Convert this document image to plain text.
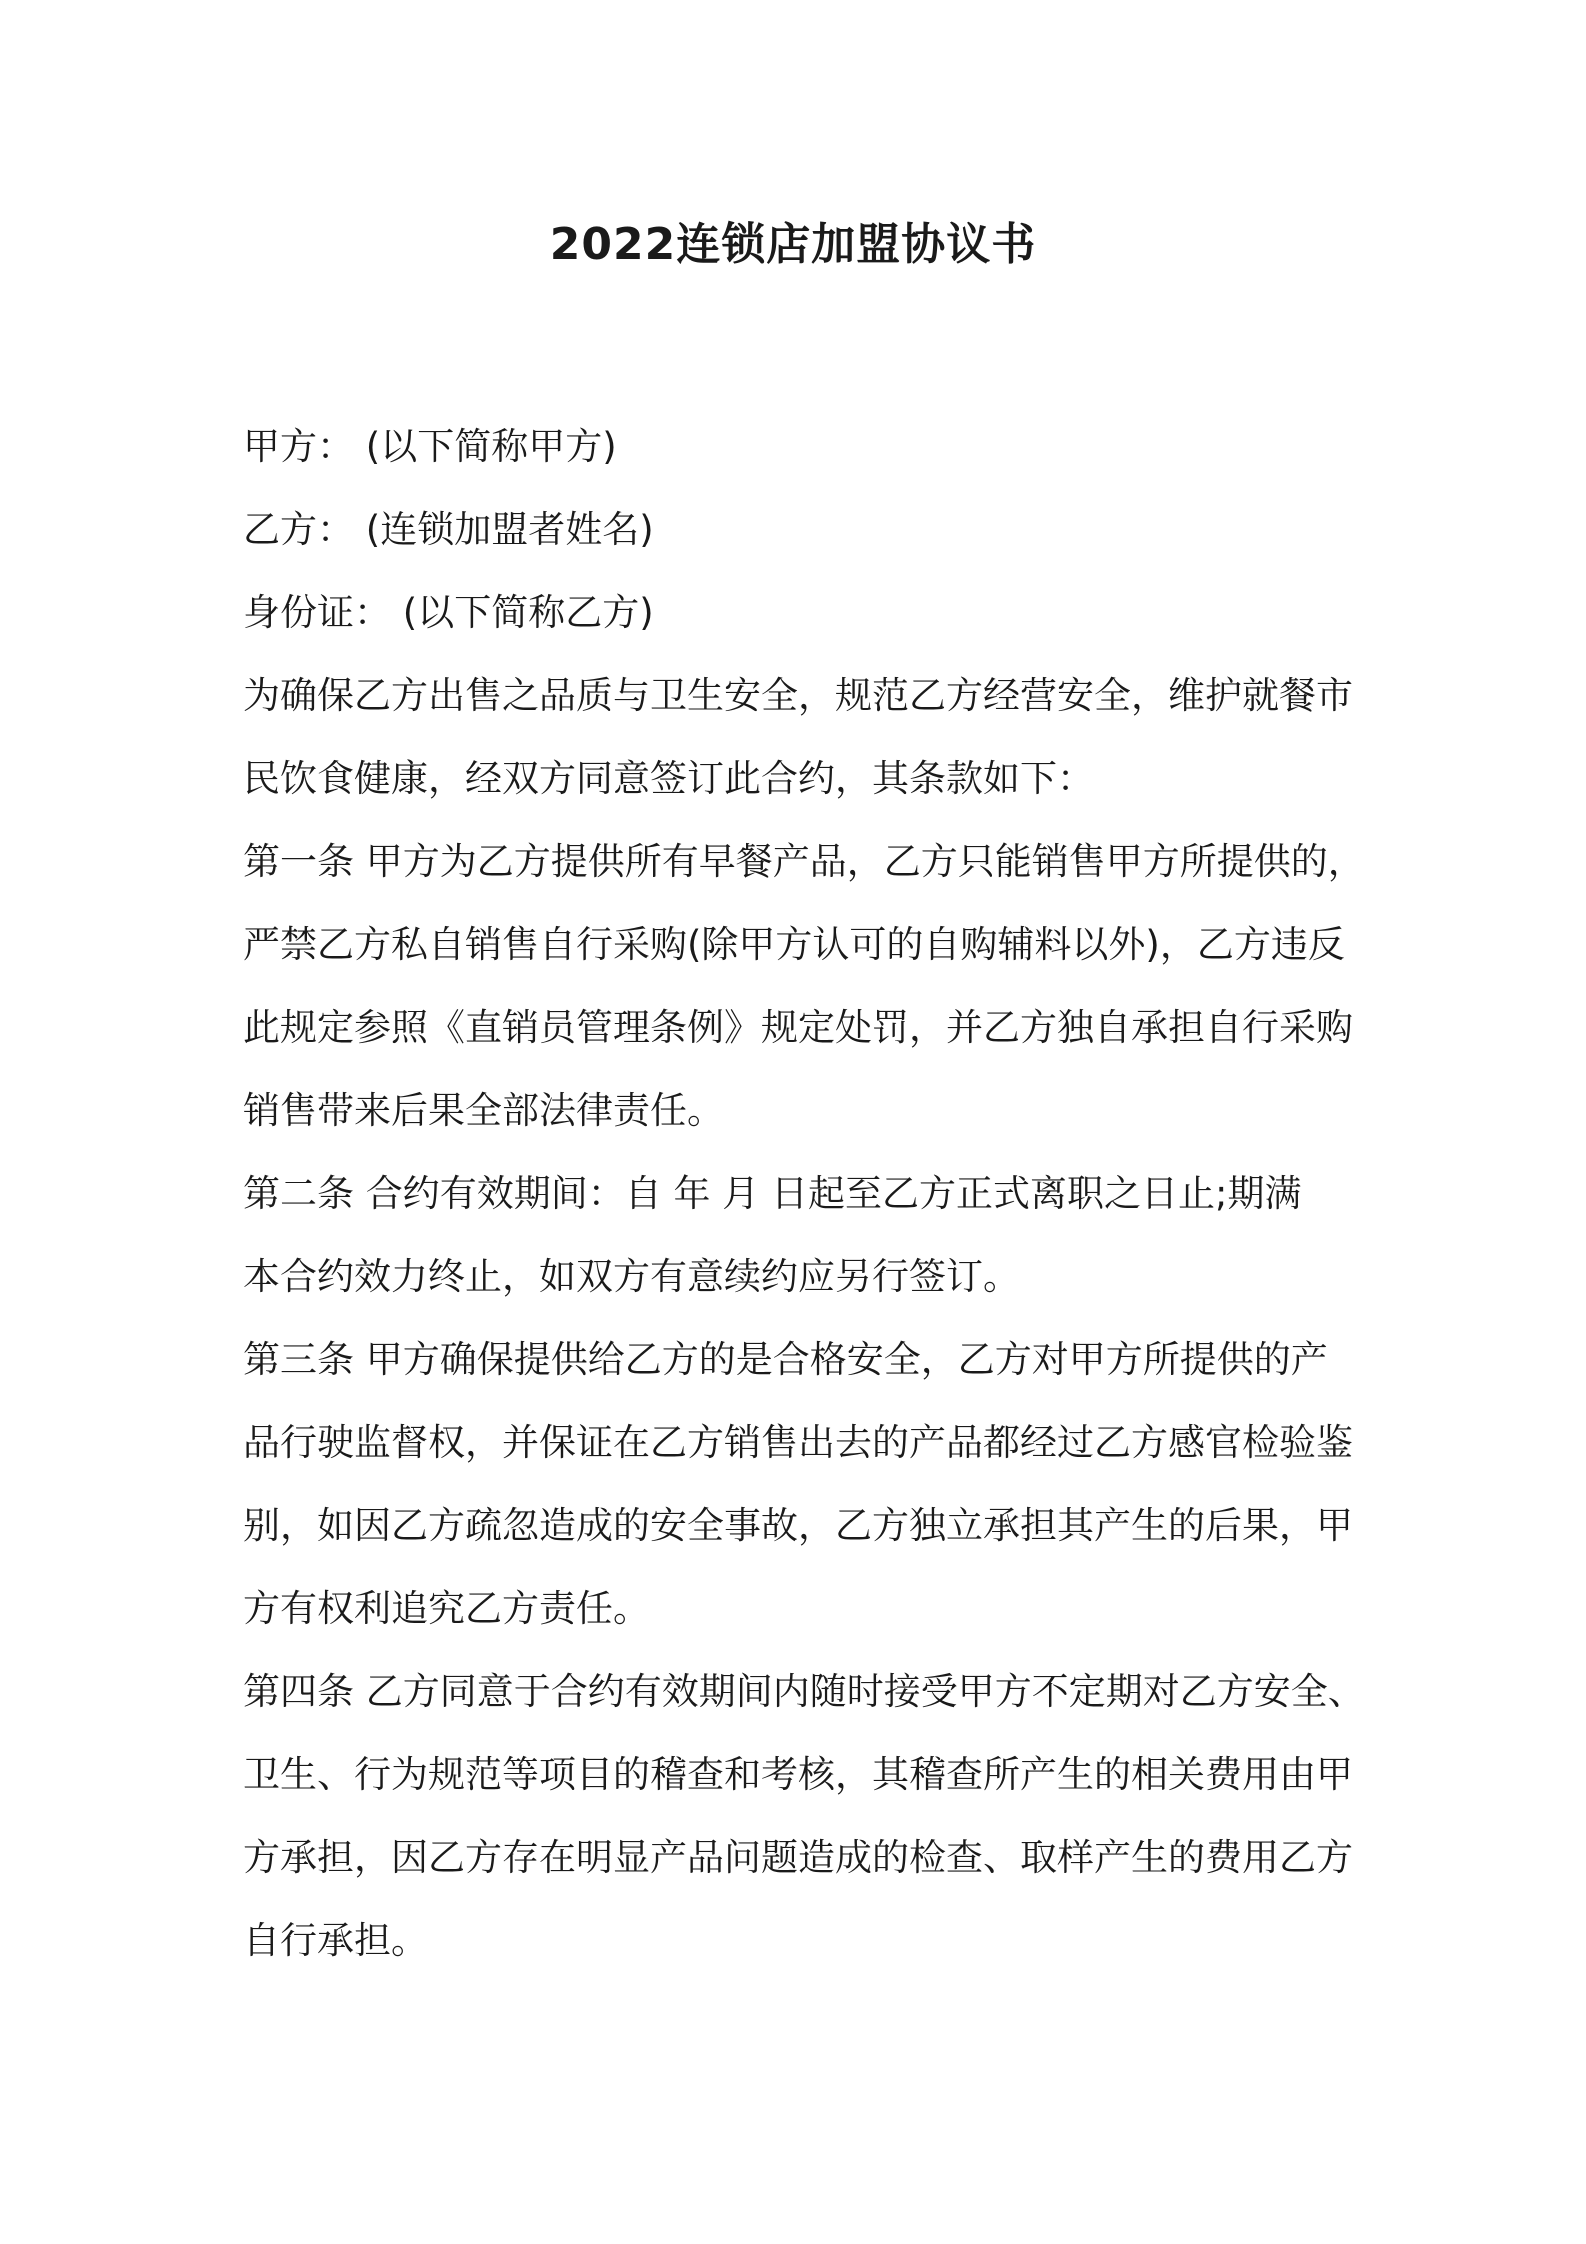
2022连锁店加盟协议书
甲方： (以下简称甲方)
乙方： (连锁加盟者姓名)
身份证： (以下简称乙方)
为确保乙方出售之品质与卫生安全，规范乙方经营安全，维护就餐市
民饮食健康，经双方同意签订此合约，其条款如下：
第一条 甲方为乙方提供所有早餐产品，乙方只能销售甲方所提供的，
严禁乙方私自销售自行采购(除甲方认可的自购辅料以外)，乙方违反
此规定参照《直销员管理条例》规定处罚，并乙方独自承担自行采购
销售带来后果全部法律责任。
第二条 合约有效期间：自 年 月 日起至乙方正式离职之日止;期满
本合约效力终止，如双方有意续约应另行签订。
第三条 甲方确保提供给乙方的是合格安全，乙方对甲方所提供的产
品行驶监督权，并保证在乙方销售出去的产品都经过乙方感官检验鉴
别，如因乙方疏忽造成的安全事故，乙方独立承担其产生的后果，甲
方有权利追究乙方责任。
第四条 乙方同意于合约有效期间内随时接受甲方不定期对乙方安全、
卫生、行为规范等项目的稽查和考核，其稽查所产生的相关费用由甲
方承担，因乙方存在明显产品问题造成的检查、取样产生的费用乙方
自行承担。
